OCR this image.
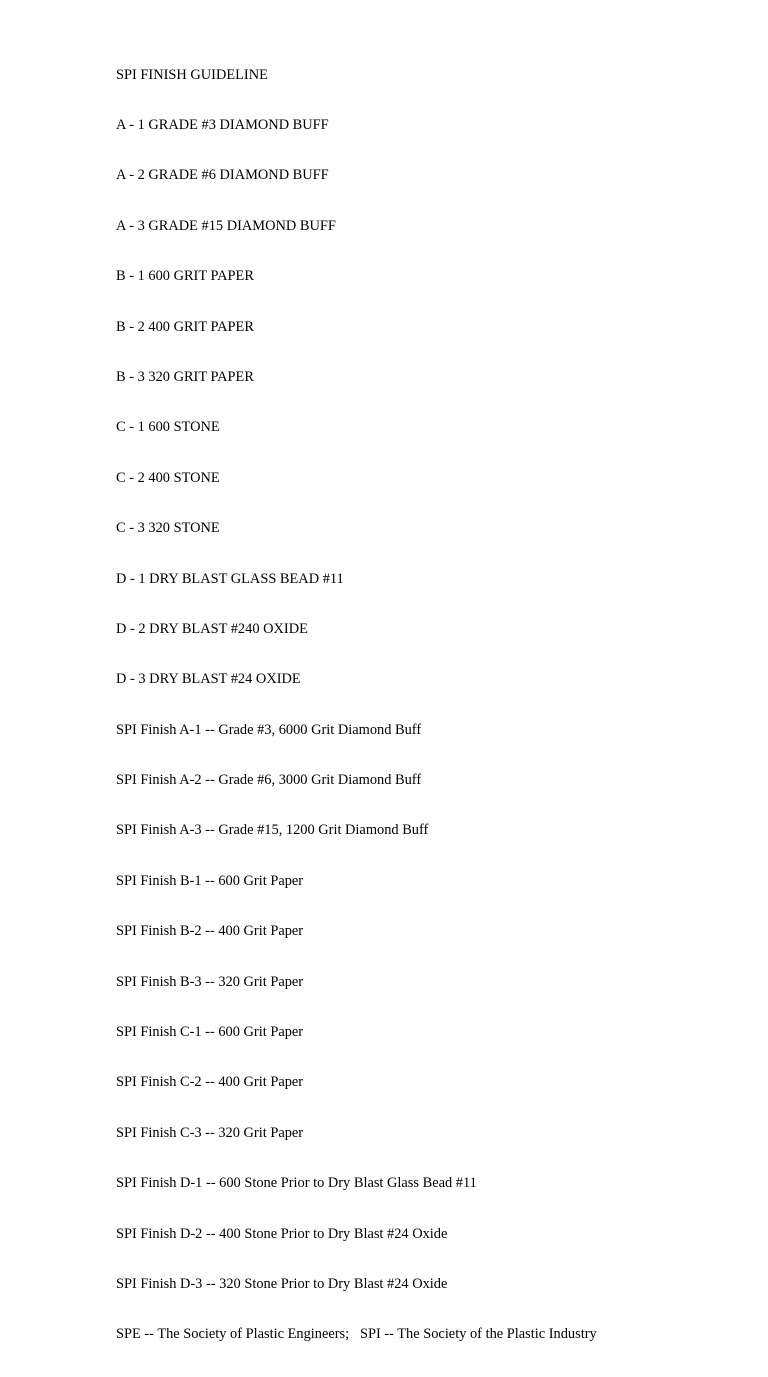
SPI FINISH GUIDELINE

A - 1 GRADE #3 DIAMOND BUFF

A - 2 GRADE #6 DIAMOND BUFF

A - 3 GRADE #15 DIAMOND BUFF

B - 1 600 GRIT PAPER

B - 2 400 GRIT PAPER

B - 3 320 GRIT PAPER

C - 1 600 STONE

C - 2 400 STONE

C - 3 320 STONE

D - 1 DRY BLAST GLASS BEAD #11

D - 2 DRY BLAST #240 OXIDE

D - 3 DRY BLAST #24 OXIDE

SPI Finish A-1 -- Grade #3, 6000 Grit Diamond Buff

SPI Finish A-2 -- Grade #6, 3000 Grit Diamond Buff

SPI Finish A-3 -- Grade #15, 1200 Grit Diamond Buff

SPI Finish B-1 -- 600 Grit Paper

SPI Finish B-2 -- 400 Grit Paper

SPI Finish B-3 -- 320 Grit Paper

SPI Finish C-1 -- 600 Grit Paper

SPI Finish C-2 -- 400 Grit Paper

SPI Finish C-3 -- 320 Grit Paper

SPI Finish D-1 -- 600 Stone Prior to Dry Blast Glass Bead #11

SPI Finish D-2 -- 400 Stone Prior to Dry Blast #24 Oxide

SPI Finish D-3 -- 320 Stone Prior to Dry Blast #24 Oxide

SPE -- The Society of Plastic Engineers;   SPI -- The Society of the Plastic Industry
